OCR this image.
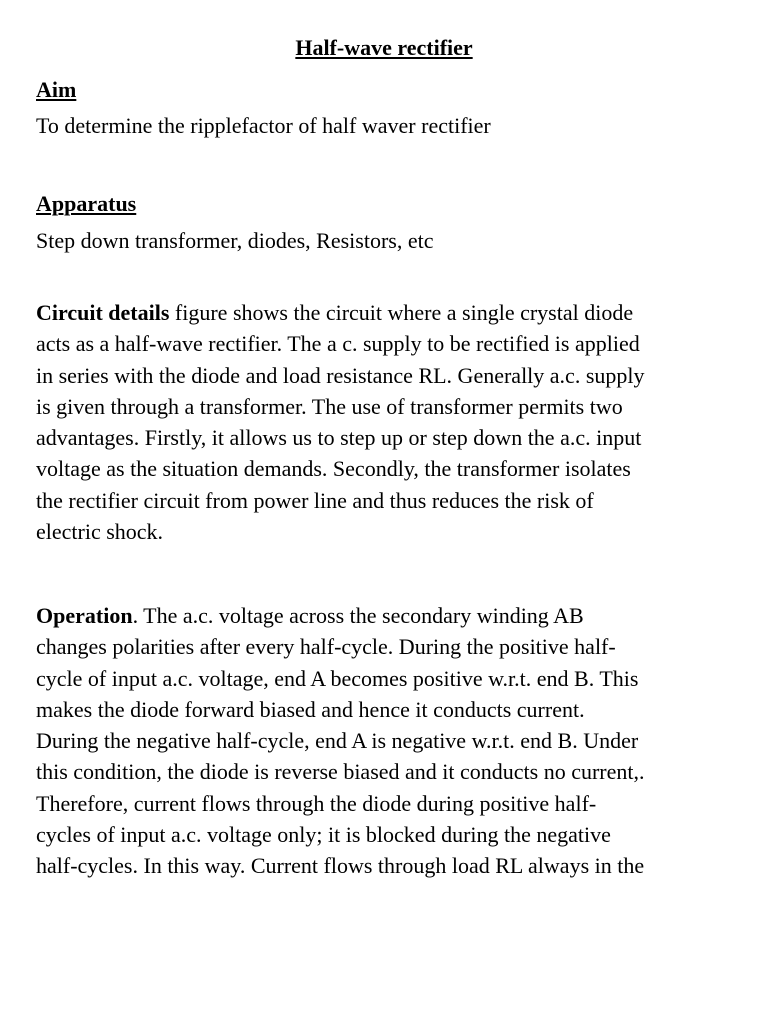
Half-wave rectifier
Aim
To determine the ripplefactor of half waver rectifier
Apparatus
Step down transformer, diodes, Resistors, etc
Circuit details figure shows the circuit where a single crystal diode
acts as a half-wave rectifier. The a c. supply to be rectified is applied
in series with the diode and load resistance RL. Generally a.c. supply
is given through a transformer. The use of transformer permits two
advantages. Firstly, it allows us to step up or step down the a.c. input
voltage as the situation demands. Secondly, the transformer isolates
the rectifier circuit from power line and thus reduces the risk of
electric shock.
Operation. The a.c. voltage across the secondary winding AB
changes polarities after every half-cycle. During the positive half-
cycle of input a.c. voltage, end A becomes positive w.r.t. end B. This
makes the diode forward biased and hence it conducts current.
During the negative half-cycle, end A is negative w.r.t. end B. Under
this condition, the diode is reverse biased and it conducts no current,.
Therefore, current flows through the diode during positive half-
cycles of input a.c. voltage only; it is blocked during the negative
half-cycles. In this way. Current flows through load RL always in the
